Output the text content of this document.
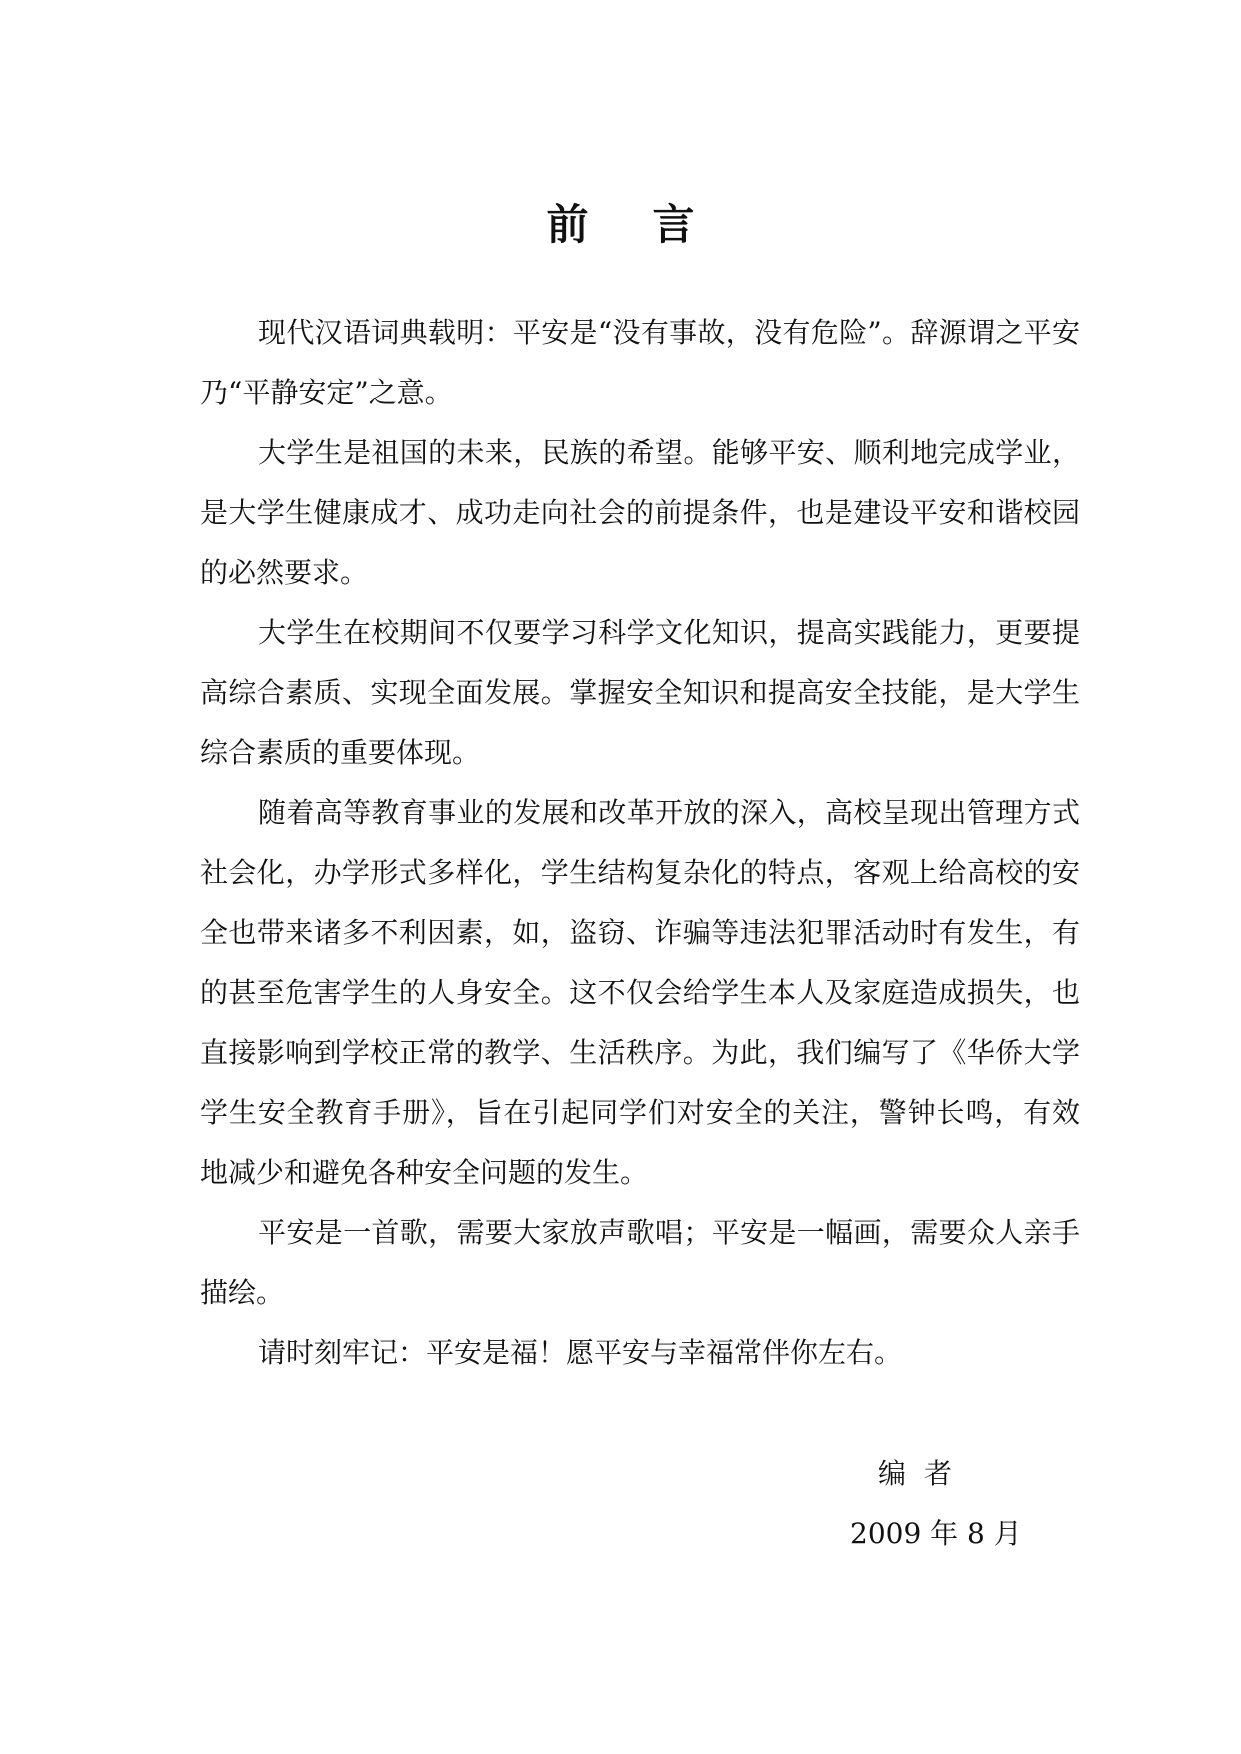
前 言

现代汉语词典载明：平安是“没有事故，没有危险”。辞源谓之平安乃“平静安定”之意。

大学生是祖国的未来，民族的希望。能够平安、顺利地完成学业，是大学生健康成才、成功走向社会的前提条件，也是建设平安和谐校园的必然要求。

大学生在校期间不仅要学习科学文化知识，提高实践能力，更要提高综合素质、实现全面发展。掌握安全知识和提高安全技能，是大学生综合素质的重要体现。

随着高等教育事业的发展和改革开放的深入，高校呈现出管理方式社会化，办学形式多样化，学生结构复杂化的特点，客观上给高校的安全也带来诸多不利因素，如，盗窃、诈骗等违法犯罪活动时有发生，有的甚至危害学生的人身安全。这不仅会给学生本人及家庭造成损失，也直接影响到学校正常的教学、生活秩序。为此，我们编写了《华侨大学学生安全教育手册》，旨在引起同学们对安全的关注，警钟长鸣，有效地减少和避免各种安全问题的发生。

平安是一首歌，需要大家放声歌唱；平安是一幅画，需要众人亲手描绘。

请时刻牢记：平安是福！愿平安与幸福常伴你左右。

编者
2009 年 8 月
